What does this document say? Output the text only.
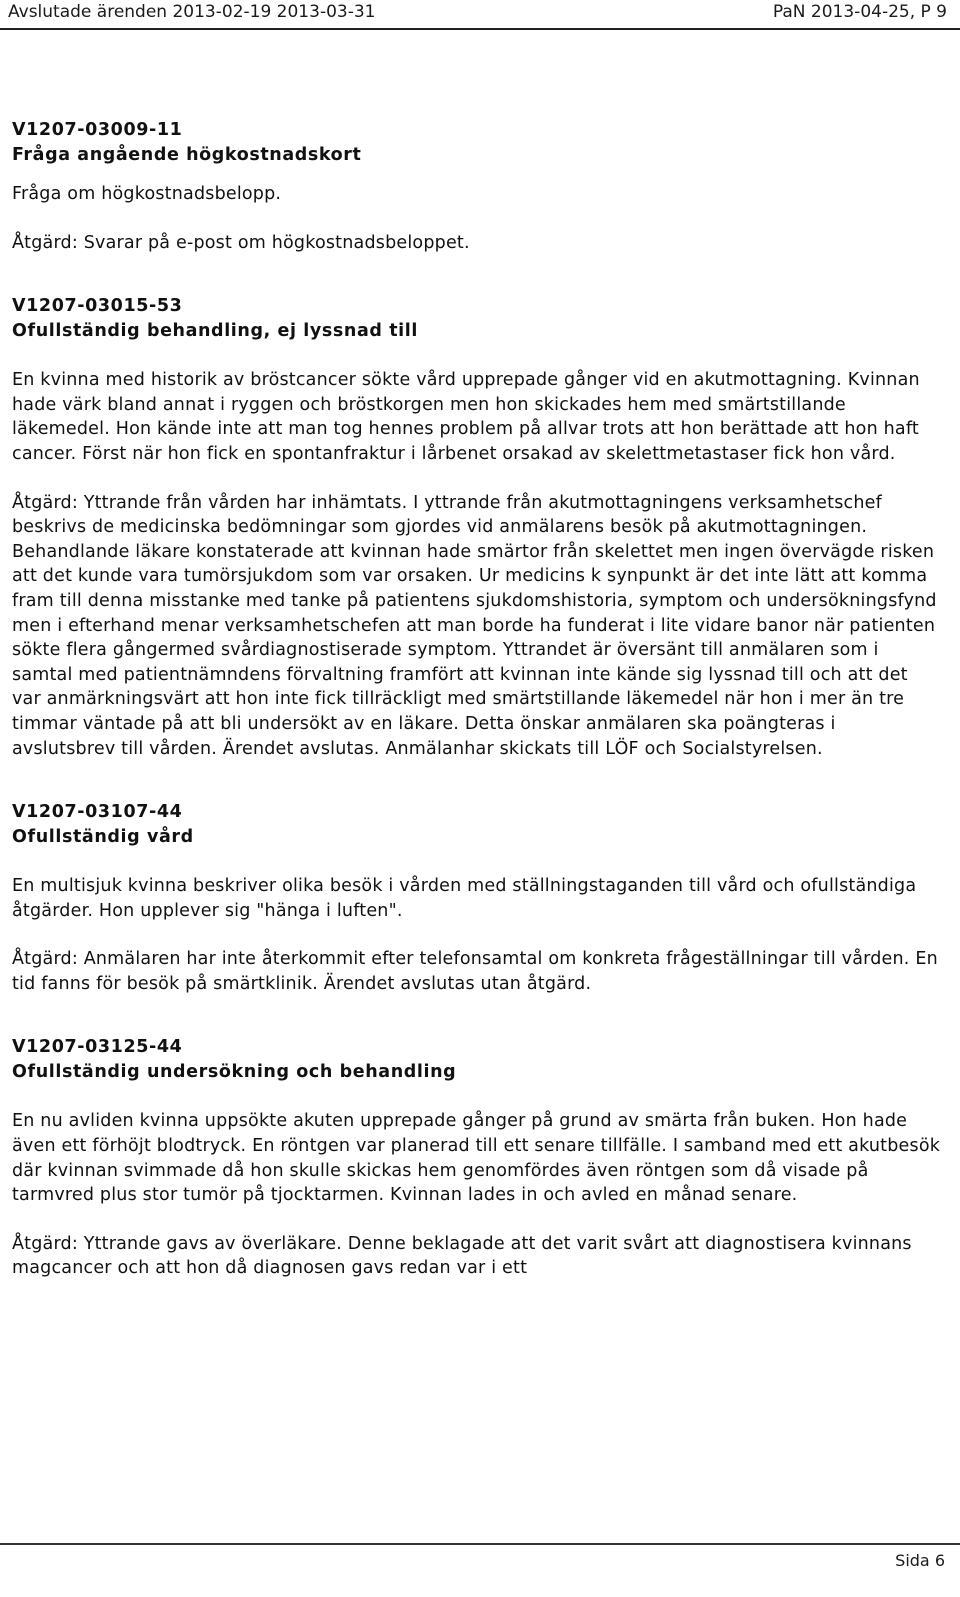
Avslutade ärenden 2013-02-19 2013-03-31	PaN 2013-04-25, P 9
V1207-03009-11
Fråga angående högkostnadskort
Fråga om högkostnadsbelopp.
Åtgärd: Svarar på e-post om högkostnadsbeloppet.
V1207-03015-53
Ofullständig behandling, ej lyssnad till
En kvinna med historik av bröstcancer sökte vård upprepade gånger vid en akutmottagning. Kvinnan hade värk bland annat i ryggen och bröstkorgen men hon skickades hem med smärtstillande läkemedel. Hon kände inte att man tog hennes problem på allvar trots att hon berättade att hon haft cancer. Först när hon fick en spontanfraktur i lårbenet orsakad av skelettmetastaser fick hon vård.
Åtgärd: Yttrande från vården har inhämtats. I yttrande från akutmottagningens verksamhetschef beskrivs de medicinska bedömningar som gjordes vid anmälarens besök på akutmottagningen. Behandlande läkare konstaterade att kvinnan hade smärtor från skelettet men ingen övervägde risken att det kunde vara tumörsjukdom som var orsaken. Ur medicins k synpunkt är det inte lätt att komma fram till denna misstanke med tanke på patientens sjukdomshistoria, symptom och undersökningsfynd men i efterhand menar verksamhetschefen att man borde ha funderat i lite vidare banor när patienten sökte flera gångermed svårdiagnostiserade symptom. Yttrandet är översänt till anmälaren som i samtal med patientnämndens förvaltning framfört att kvinnan inte kände sig lyssnad till och att det var anmärkningsvärt att hon inte fick tillräckligt med smärtstillande läkemedel när hon i mer än tre timmar väntade på att bli undersökt av en läkare. Detta önskar anmälaren ska poängteras i avslutsbrev till vården. Ärendet avslutas. Anmälanhar skickats till LÖF och Socialstyrelsen.
V1207-03107-44
Ofullständig vård
En multisjuk kvinna beskriver olika besök i vården med ställningstaganden till vård och ofullständiga åtgärder. Hon upplever sig "hänga i luften".
Åtgärd: Anmälaren har inte återkommit efter telefonsamtal om konkreta frågeställningar till vården. En tid fanns för besök på smärtklinik. Ärendet avslutas utan åtgärd.
V1207-03125-44
Ofullständig undersökning och behandling
En nu avliden kvinna uppsökte akuten upprepade gånger på grund av smärta från buken. Hon hade även ett förhöjt blodtryck. En röntgen var planerad till ett senare tillfälle. I samband med ett akutbesök där kvinnan svimmade då hon skulle skickas hem genomfördes även röntgen som då visade på tarmvred plus stor tumör på tjocktarmen. Kvinnan lades in och avled en månad senare.
Åtgärd: Yttrande gavs av överläkare. Denne beklagade att det varit svårt att diagnostisera kvinnans magcancer och att hon då diagnosen gavs redan var i ett
Sida 6
